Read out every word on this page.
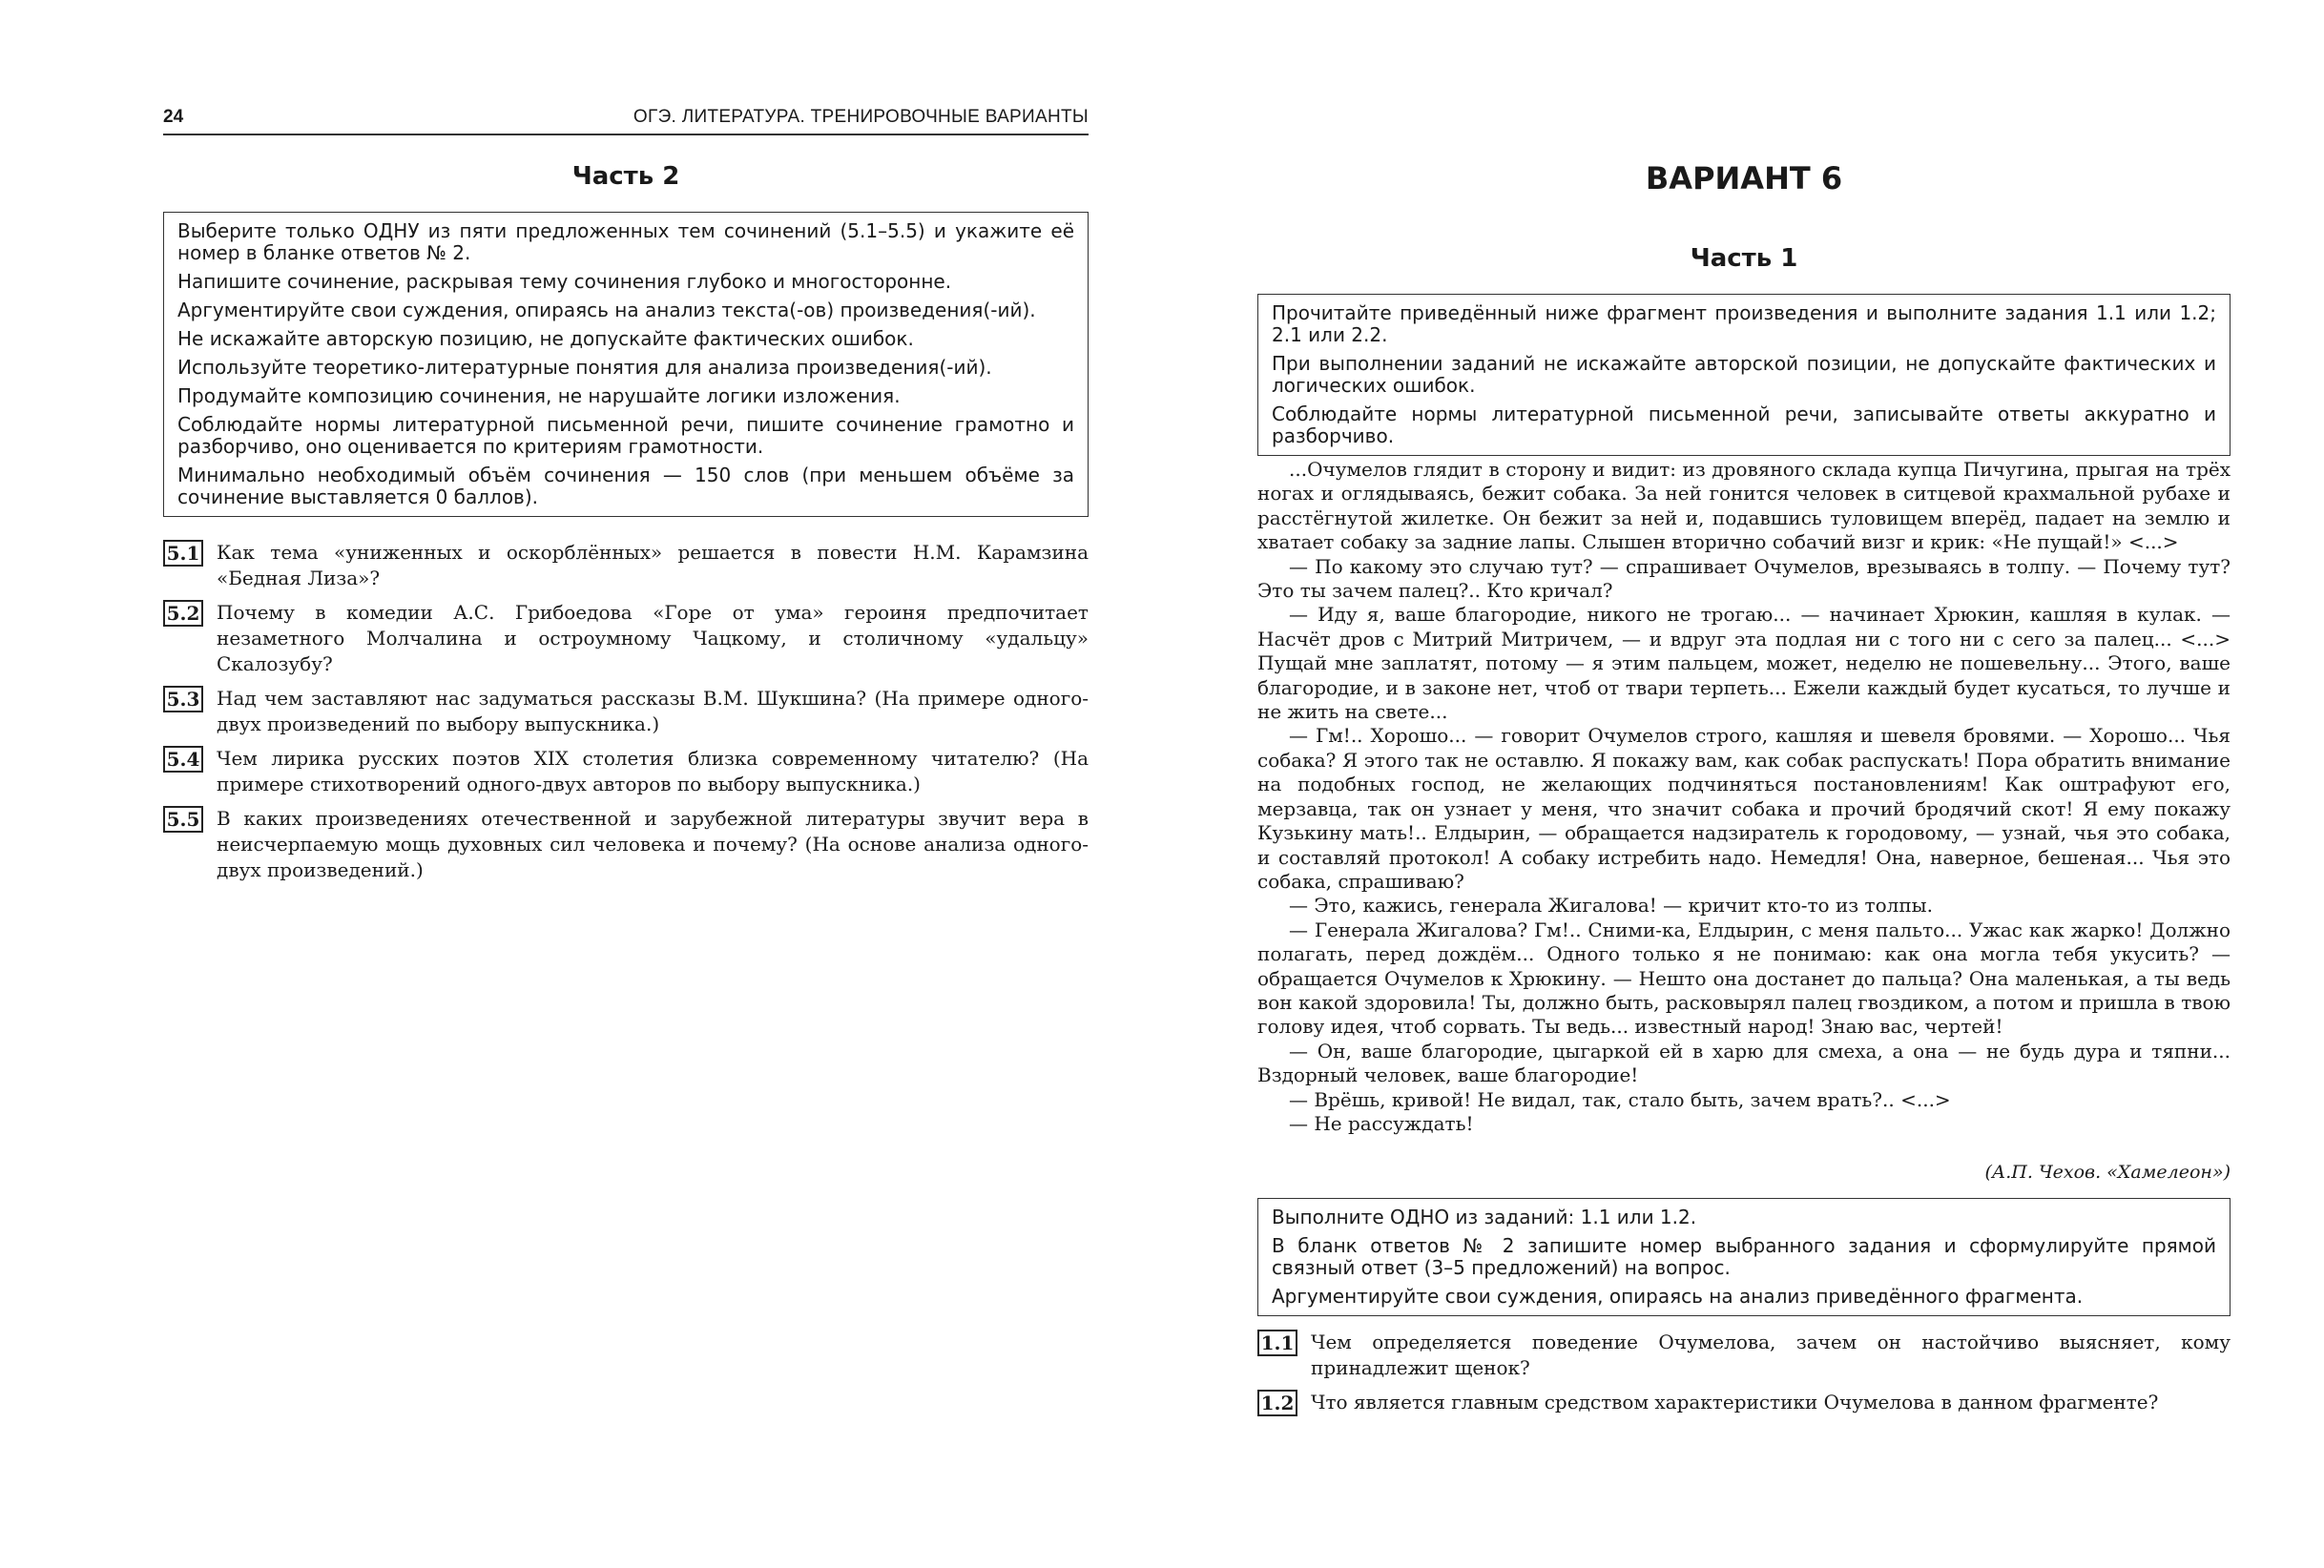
24	ОГЭ. ЛИТЕРАТУРА. ТРЕНИРОВОЧНЫЕ ВАРИАНТЫ
Часть 2

Выберите только ОДНУ из пяти предложенных тем сочинений (5.1–5.5) и укажите её номер в бланке ответов № 2.

Напишите сочинение, раскрывая тему сочинения глубоко и многосторонне.

Аргументируйте свои суждения, опираясь на анализ текста(-ов) произведения(-ий).

Не искажайте авторскую позицию, не допускайте фактических ошибок.

Используйте теоретико-литературные понятия для анализа произведения(-ий).

Продумайте композицию сочинения, не нарушайте логики изложения.

Соблюдайте нормы литературной письменной речи, пишите сочинение грамотно и разборчиво, оно оценивается по критериям грамотности.

Минимально необходимый объём сочинения — 150 слов (при меньшем объёме за сочинение выставляется 0 баллов).

5.1 Как тема «униженных и оскорблённых» решается в повести Н.М. Карамзина «Бедная Лиза»?
5.2 Почему в комедии А.С. Грибоедова «Горе от ума» героиня предпочитает незаметного Молчалина и остроумному Чацкому, и столичному «удальцу» Скалозубу?
5.3 Над чем заставляют нас задуматься рассказы В.М. Шукшина? (На примере одного-двух произведений по выбору выпускника.)
5.4 Чем лирика русских поэтов XIX столетия близка современному читателю? (На примере стихотворений одного-двух авторов по выбору выпускника.)
5.5 В каких произведениях отечественной и зарубежной литературы звучит вера в неисчерпаемую мощь духовных сил человека и почему? (На основе анализа одного-двух произведений.)
ВАРИАНТ 6
Часть 1

Прочитайте приведённый ниже фрагмент произведения и выполните задания 1.1 или 1.2; 2.1 или 2.2.

При выполнении заданий не искажайте авторской позиции, не допускайте фактических и логических ошибок.

Соблюдайте нормы литературной письменной речи, записывайте ответы аккуратно и разборчиво.

...Очумелов глядит в сторону и видит: из дровяного склада купца Пичугина, прыгая на трёх ногах и оглядываясь, бежит собака. За ней гонится человек в ситцевой крахмальной рубахе и расстёгнутой жилетке. Он бежит за ней и, подавшись туловищем вперёд, падает на землю и хватает собаку за задние лапы. Слышен вторично собачий визг и крик: «Не пущай!» <...>

— По какому это случаю тут? — спрашивает Очумелов, врезываясь в толпу. — Почему тут? Это ты зачем палец?.. Кто кричал?

— Иду я, ваше благородие, никого не трогаю... — начинает Хрюкин, кашляя в кулак. — Насчёт дров с Митрий Митричем, — и вдруг эта подлая ни с того ни с сего за палец... <...> Пущай мне заплатят, потому — я этим пальцем, может, неделю не пошевельну... Этого, ваше благородие, и в законе нет, чтоб от твари терпеть... Ежели каждый будет кусаться, то лучше и не жить на свете...

— Гм!.. Хорошо... — говорит Очумелов строго, кашляя и шевеля бровями. — Хорошо... Чья собака? Я этого так не оставлю. Я покажу вам, как собак распускать! Пора обратить внимание на подобных господ, не желающих подчиняться постановлениям! Как оштрафуют его, мерзавца, так он узнает у меня, что значит собака и прочий бродячий скот! Я ему покажу Кузькину мать!.. Елдырин, — обращается надзиратель к городовому, — узнай, чья это собака, и составляй протокол! А собаку истребить надо. Немедля! Она, наверное, бешеная... Чья это собака, спрашиваю?

— Это, кажись, генерала Жигалова! — кричит кто-то из толпы.

— Генерала Жигалова? Гм!.. Сними-ка, Елдырин, с меня пальто... Ужас как жарко! Должно полагать, перед дождём... Одного только я не понимаю: как она могла тебя укусить? — обращается Очумелов к Хрюкину. — Нешто она достанет до пальца? Она маленькая, а ты ведь вон какой здоровила! Ты, должно быть, расковырял палец гвоздиком, а потом и пришла в твою голову идея, чтоб сорвать. Ты ведь... известный народ! Знаю вас, чертей!

— Он, ваше благородие, цыгаркой ей в харю для смеха, а она — не будь дура и тяпни... Вздорный человек, ваше благородие!

— Врёшь, кривой! Не видал, так, стало быть, зачем врать?.. <...>

— Не рассуждать!

(А.П. Чехов. «Хамелеон»)

Выполните ОДНО из заданий: 1.1 или 1.2.

В бланк ответов № 2 запишите номер выбранного задания и сформулируйте прямой связный ответ (3–5 предложений) на вопрос.

Аргументируйте свои суждения, опираясь на анализ приведённого фрагмента.

1.1 Чем определяется поведение Очумелова, зачем он настойчиво выясняет, кому принадлежит щенок?
1.2 Что является главным средством характеристики Очумелова в данном фрагменте?
